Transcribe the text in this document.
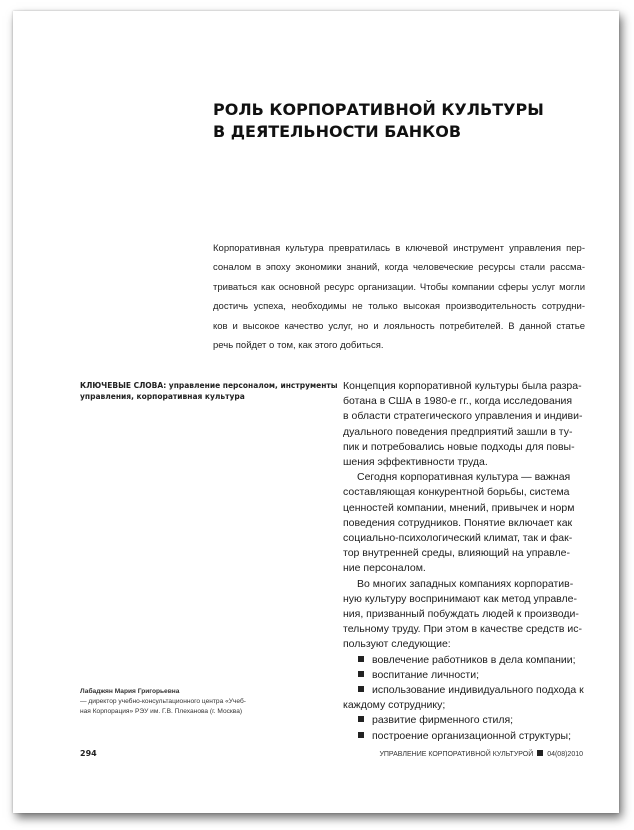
РОЛЬ КОРПОРАТИВНОЙ КУЛЬТУРЫ
В ДЕЯТЕЛЬНОСТИ БАНКОВ
Корпоративная культура превратилась в ключевой инструмент управления пер-
соналом в эпоху экономики знаний, когда человеческие ресурсы стали рассма-
триваться как основной ресурс организации. Чтобы компании сферы услуг могли
достичь успеха, необходимы не только высокая производительность сотрудни-
ков и высокое качество услуг, но и лояльность потребителей. В данной статье
речь пойдет о том, как этого добиться.
КЛЮЧЕВЫЕ СЛОВА: управление персоналом, инструменты
управления, корпоративная культура
Концепция корпоративной культуры была разра-
ботана в США в 1980-е гг., когда исследования
в области стратегического управления и индиви-
дуального поведения предприятий зашли в ту-
пик и потребовались новые подходы для повы-
шения эффективности труда.
Сегодня корпоративная культура — важная
составляющая конкурентной борьбы, система
ценностей компании, мнений, привычек и норм
поведения сотрудников. Понятие включает как
социально-психологический климат, так и фак-
тор внутренней среды, влияющий на управле-
ние персоналом.
Во многих западных компаниях корпоратив-
ную культуру воспринимают как метод управле-
ния, призванный побуждать людей к производи-
тельному труду. При этом в качестве средств ис-
пользуют следующие:
вовлечение работников в дела компании;
воспитание личности;
использование индивидуального подхода к
каждому сотруднику;
развитие фирменного стиля;
построение организационной структуры;
Лабаджян Мария Григорьевна
— директор учебно-консультационного центра «Учеб-
ная Корпорация» РЭУ им. Г.В. Плеханова (г. Москва)
294	УПРАВЛЕНИЕ КОРПОРАТИВНОЙ КУЛЬТУРОЙ 04(08)2010
